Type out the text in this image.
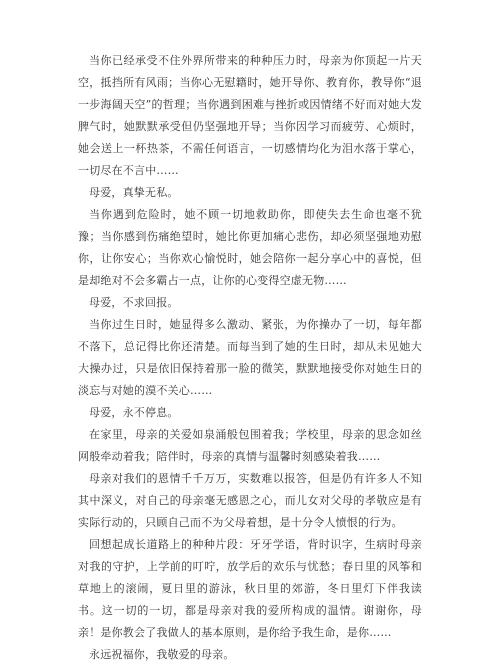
当你已经承受不住外界所带来的种种压力时，母亲为你顶起一片天空，抵挡所有风雨；当你心无慰籍时，她开导你、教育你，教导你“退一步海阔天空”的哲理；当你遇到困难与挫折或因情绪不好而对她大发脾气时，她默默承受但仍坚强地开导；当你因学习而疲劳、心烦时，她会送上一杯热茶，不需任何语言，一切感情均化为泪水落于掌心，一切尽在不言中……

母爱，真挚无私。

当你遇到危险时，她不顾一切地救助你，即使失去生命也毫不犹豫；当你感到伤痛绝望时，她比你更加痛心悲伤，却必须坚强地劝慰你，让你安心；当你欢心愉悦时，她会陪你一起分享心中的喜悦，但是却绝对不会多霸占一点，让你的心变得空虚无物……

母爱，不求回报。

当你过生日时，她显得多么激动、紧张，为你操办了一切，每年都不落下，总记得比你还清楚。而每当到了她的生日时，却从未见她大大操办过，只是依旧保持着那一脸的微笑，默默地接受你对她生日的淡忘与对她的漠不关心……

母爱，永不停息。

在家里，母亲的关爱如泉涌般包围着我；学校里，母亲的思念如丝网般牵动着我；陪伴时，母亲的真情与温馨时刻感染着我……

母亲对我们的恩情千千万万，实数难以报答，但是仍有许多人不知其中深义，对自己的母亲毫无感恩之心，而儿女对父母的孝敬应是有实际行动的，只顾自己而不为父母着想，是十分令人愤恨的行为。

回想起成长道路上的种种片段：牙牙学语，背时识字，生病时母亲对我的守护，上学前的叮咛，放学后的欢乐与忧愁；春日里的风筝和草地上的滚闹，夏日里的游泳，秋日里的郊游，冬日里灯下伴我读书。这一切的一切，都是母亲对我的爱所构成的温情。谢谢你，母亲！是你教会了我做人的基本原则，是你给予我生命，是你……

永远祝福你，我敬爱的母亲。
